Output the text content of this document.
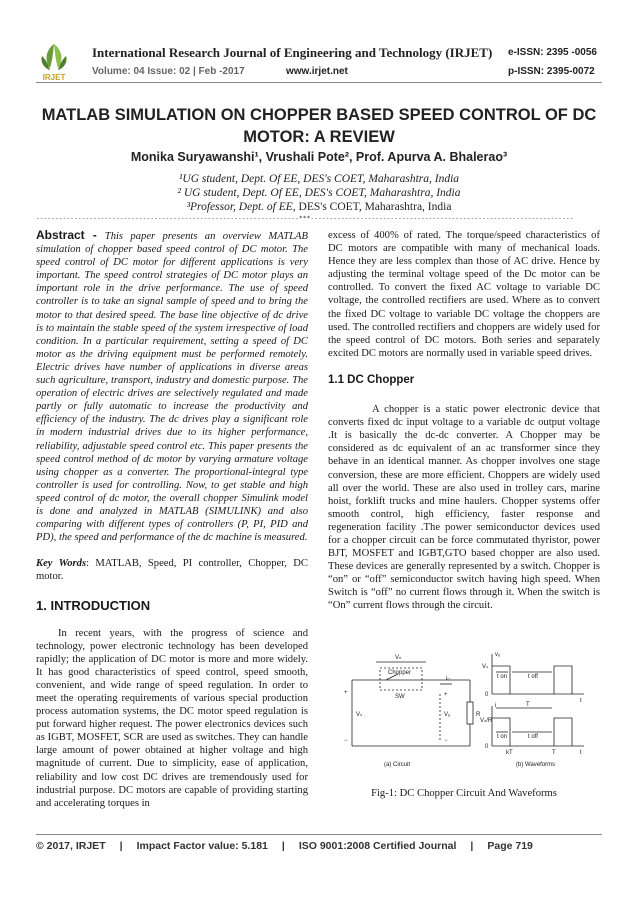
IRJET
International Research Journal of Engineering and Technology (IRJET) e-ISSN: 2395 -0056
Volume: 04 Issue: 02 | Feb -2017	www.irjet.net	p-ISSN: 2395-0072
MATLAB SIMULATION ON CHOPPER BASED SPEED CONTROL OF DC
MOTOR: A REVIEW
Monika Suryawanshi¹, Vrushali Pote², Prof. Apurva A. Bhalerao³
¹UG student, Dept. Of EE, DES's COET, Maharashtra, India
² UG student, Dept. Of EE, DES's COET, Maharashtra, India
³Professor, Dept. of EE, DES's COET, Maharashtra, India
---------------------------------------------------------------------***---------------------------------------------------------------------

Abstract - This paper presents an overview MATLAB simulation of chopper based speed control of DC motor. The speed control of DC motor for different applications is very important. The speed control strategies of DC motor plays an important role in the drive performance. The use of speed controller is to take an signal sample of speed and to bring the motor to that desired speed. The base line objective of dc drive is to maintain the stable speed of the system irrespective of load condition. In a particular requirement, setting a speed of DC motor as the driving equipment must be performed remotely. Electric drives have number of applications in diverse areas such agriculture, transport, industry and domestic purpose. The operation of electric drives are selectively regulated and made partly or fully automatic to increase the productivity and efficiency of the industry. The dc drives play a significant role in modern industrial drives due to its higher performance, reliability, adjustable speed control etc. This paper presents the speed control method of dc motor by varying armature voltage using chopper as a converter. The proportional-integral type controller is used for controlling. Now, to get stable and high speed control of dc motor, the overall chopper Simulink model is done and analyzed in MATLAB (SIMULINK) and also comparing with different types of controllers (P, PI, PID and PD), the speed and performance of the dc machine is measured.

Key Words: MATLAB, Speed, PI controller, Chopper, DC motor.

1. INTRODUCTION

In recent years, with the progress of science and technology, power electronic technology has been developed rapidly; the application of DC motor is more and more widely. It has good characteristics of speed control, speed smooth, convenient, and wide range of speed regulation. In order to meet the operating requirements of various special production process automation systems, the DC motor speed regulation is put forward higher request. The power electronics devices such as IGBT, MOSFET, SCR are used as switches. They can handle large amount of power obtained at higher voltage and high magnitude of current. Due to simplicity, ease of application, reliability and low cost DC drives are tremendously used for industrial purpose. DC motors are capable of providing starting and accelerating torques in

excess of 400% of rated. The torque/speed characteristics of DC motors are compatible with many of mechanical loads. Hence they are less complex than those of AC drive. Hence by adjusting the terminal voltage speed of the Dc motor can be controlled. To convert the fixed AC voltage to variable DC voltage, the controlled rectifiers are used. Where as to convert the fixed DC voltage to variable DC voltage the choppers are used. The controlled rectifiers and choppers are widely used for the speed control of DC motors. Both series and separately excited DC motors are normally used in variable speed drives.

1.1 DC Chopper

A chopper is a static power electronic device that converts fixed dc input voltage to a variable dc output voltage .It is basically the dc-dc converter. A Chopper may be considered as dc equivalent of an ac transformer since they behave in an identical manner. As chopper involves one stage conversion, these are more efficient. Choppers are widely used all over the world. These are also used in trolley cars, marine hoist, forklift trucks and mine haulers. Chopper systems offer smooth control, high efficiency, faster response and regeneration facility .The power semiconductor devices used for a chopper circuit can be force commutated thyristor, power BJT, MOSFET and IGBT,GTO based chopper are also used. These devices are generally represented by a switch. Chopper is “on” or “off” semiconductor switch having high speed. When Switch is “off” no current flows through it. When the switch is “On” current flows through the circuit.

Vₙ
Chopper
SW
iₒ
Vₛ	Vₒ	R
+	+
−	−
(a) Circuit
vₒ
Vₛ
t on	t off
t
0
i
Vₛ/R
T
t on	t off
0
kT	T	t
(b) Waveforms
Fig-1: DC Chopper Circuit And Waveforms
© 2017, IRJET | Impact Factor value: 5.181 | ISO 9001:2008 Certified Journal | Page 719
